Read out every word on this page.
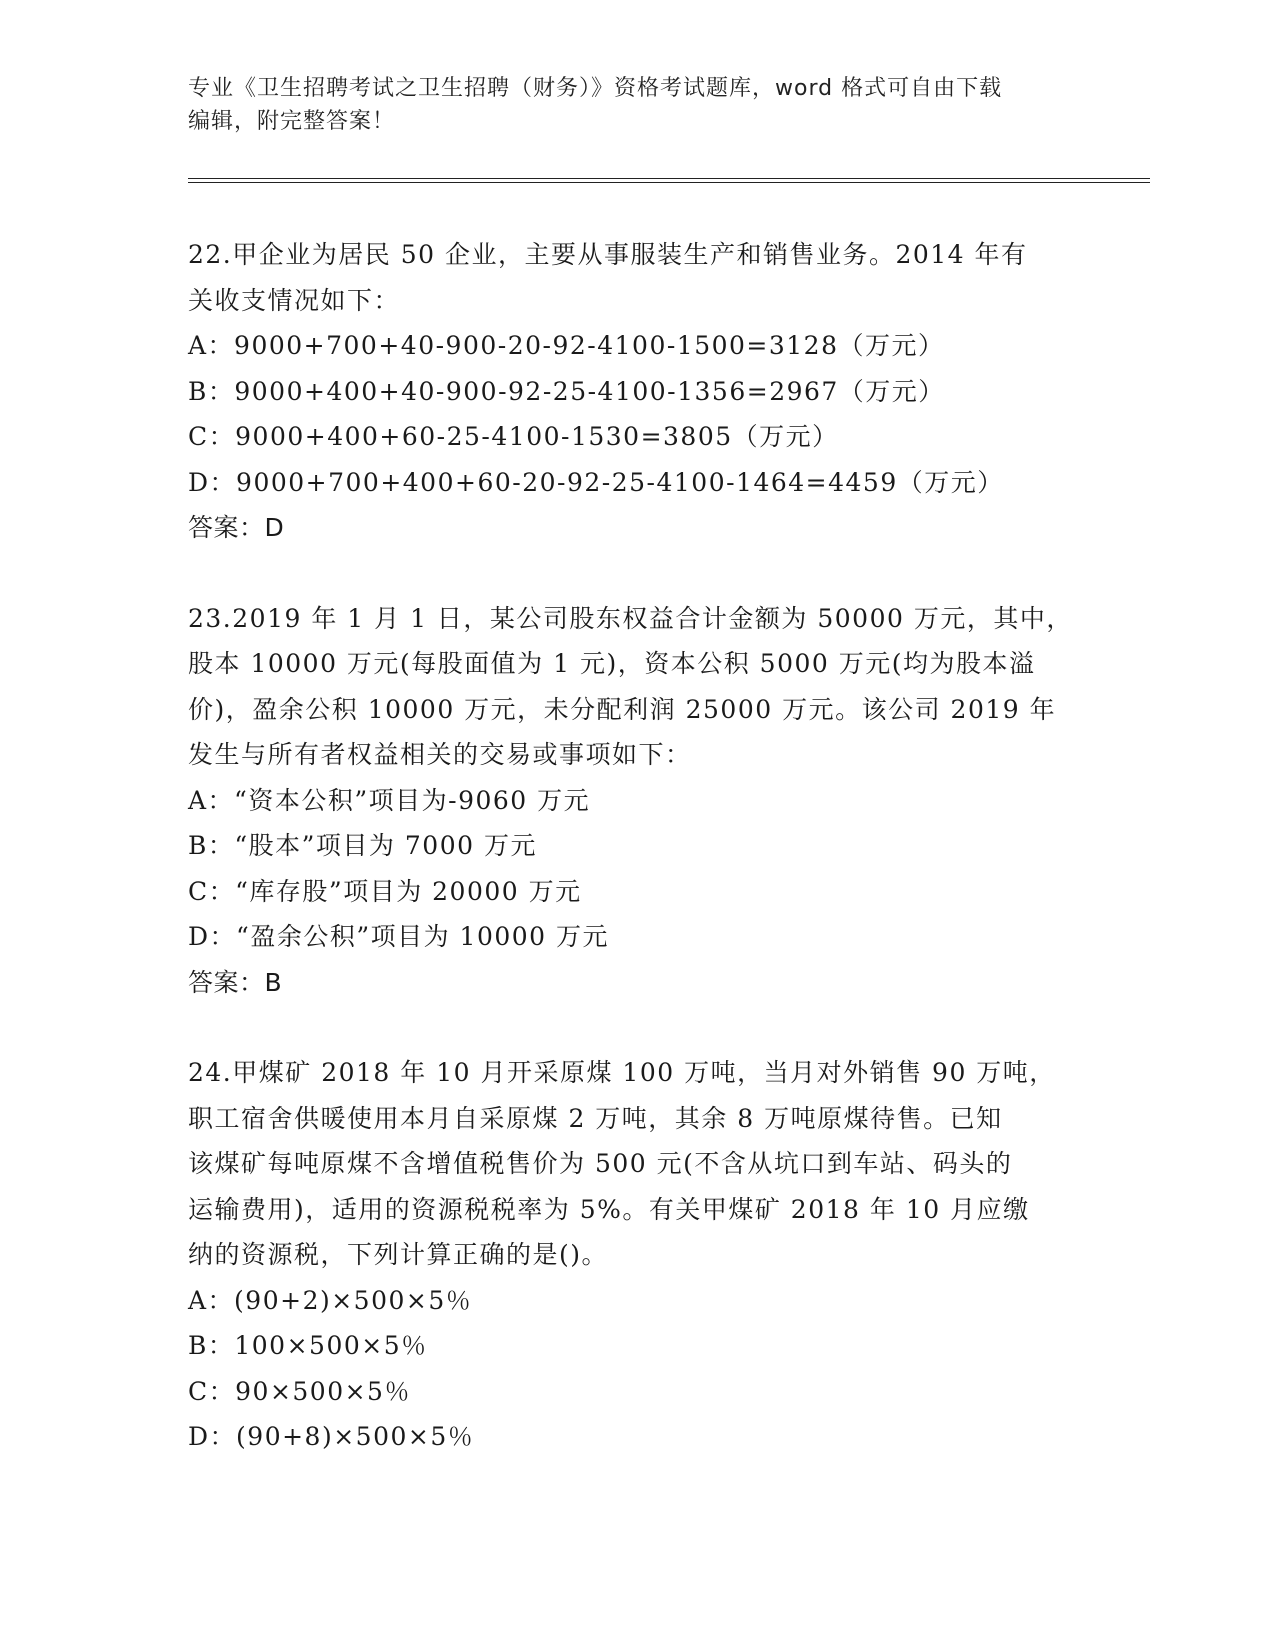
专业《卫生招聘考试之卫生招聘（财务）》资格考试题库，word 格式可自由下载
编辑，附完整答案！
22.甲企业为居民 50 企业，主要从事服装生产和销售业务。2014 年有
关收支情况如下：
A：9000+700+40-900-20-92-4100-1500=3128（万元）
B：9000+400+40-900-92-25-4100-1356=2967（万元）
C：9000+400+60-25-4100-1530=3805（万元）
D：9000+700+400+60-20-92-25-4100-1464=4459（万元）
答案：D
23.2019 年 1 月 1 日，某公司股东权益合计金额为 50000 万元，其中，
股本 10000 万元(每股面值为 1 元)，资本公积 5000 万元(均为股本溢
价)，盈余公积 10000 万元，未分配利润 25000 万元。该公司 2019 年
发生与所有者权益相关的交易或事项如下：
A：“资本公积”项目为-9060 万元
B：“股本”项目为 7000 万元
C：“库存股”项目为 20000 万元
D：“盈余公积”项目为 10000 万元
答案：B
24.甲煤矿 2018 年 10 月开采原煤 100 万吨，当月对外销售 90 万吨，
职工宿舍供暖使用本月自采原煤 2 万吨，其余 8 万吨原煤待售。已知
该煤矿每吨原煤不含增值税售价为 500 元(不含从坑口到车站、码头的
运输费用)，适用的资源税税率为 5%。有关甲煤矿 2018 年 10 月应缴
纳的资源税，下列计算正确的是()。
A：(90+2)×500×5％
B：100×500×5％
C：90×500×5％
D：(90+8)×500×5％
